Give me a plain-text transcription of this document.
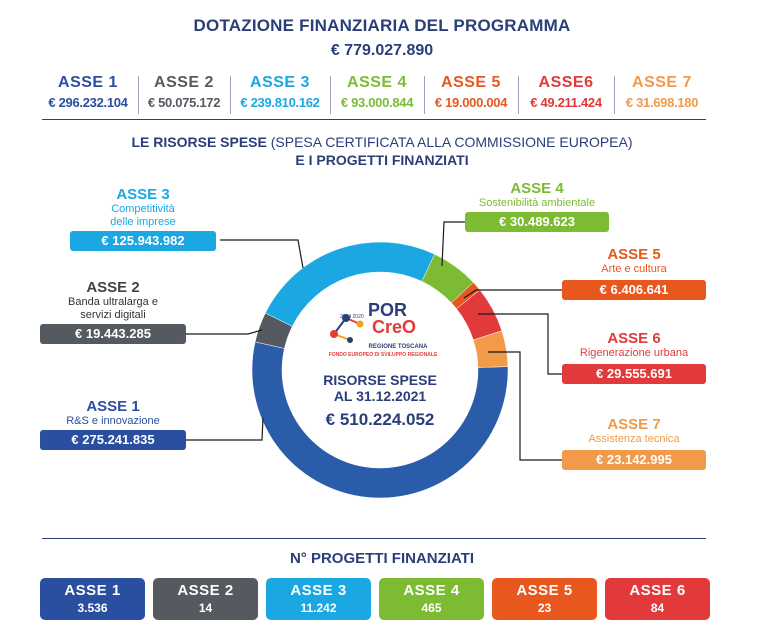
DOTAZIONE FINANZIARIA DEL PROGRAMMA
€ 779.027.890
ASSE 1
€ 296.232.104
ASSE 2
€ 50.075.172
ASSE 3
€ 239.810.162
ASSE 4
€ 93.000.844
ASSE 5
€ 19.000.004
ASSE6
€ 49.211.424
ASSE 7
€ 31.698.180
LE RISORSE SPESE (SPESA CERTIFICATA ALLA COMMISSIONE EUROPEA)
E I PROGETTI FINANZIATI
2014 2020 POR
CreO
REGIONE TOSCANA
FONDO EUROPEO DI SVILUPPO REGIONALE
RISORSE SPESE
AL 31.12.2021
€ 510.224.052
ASSE 3
Competitività delle imprese
€ 125.943.982
ASSE 2
Banda ultralarga e servizi digitali
€ 19.443.285
ASSE 1
R&S e innovazione
€ 275.241.835
ASSE 4
Sostenibilità ambientale
€ 30.489.623
ASSE 5
Arte e cultura
€ 6.406.641
ASSE 6
Rigenerazione urbana
€ 29.555.691
ASSE 7
Assistenza tecnica
€ 23.142.995
N° PROGETTI FINANZIATI
ASSE 1
3.536
ASSE 2
14
ASSE 3
11.242
ASSE 4
465
ASSE 5
23
ASSE 6
84
